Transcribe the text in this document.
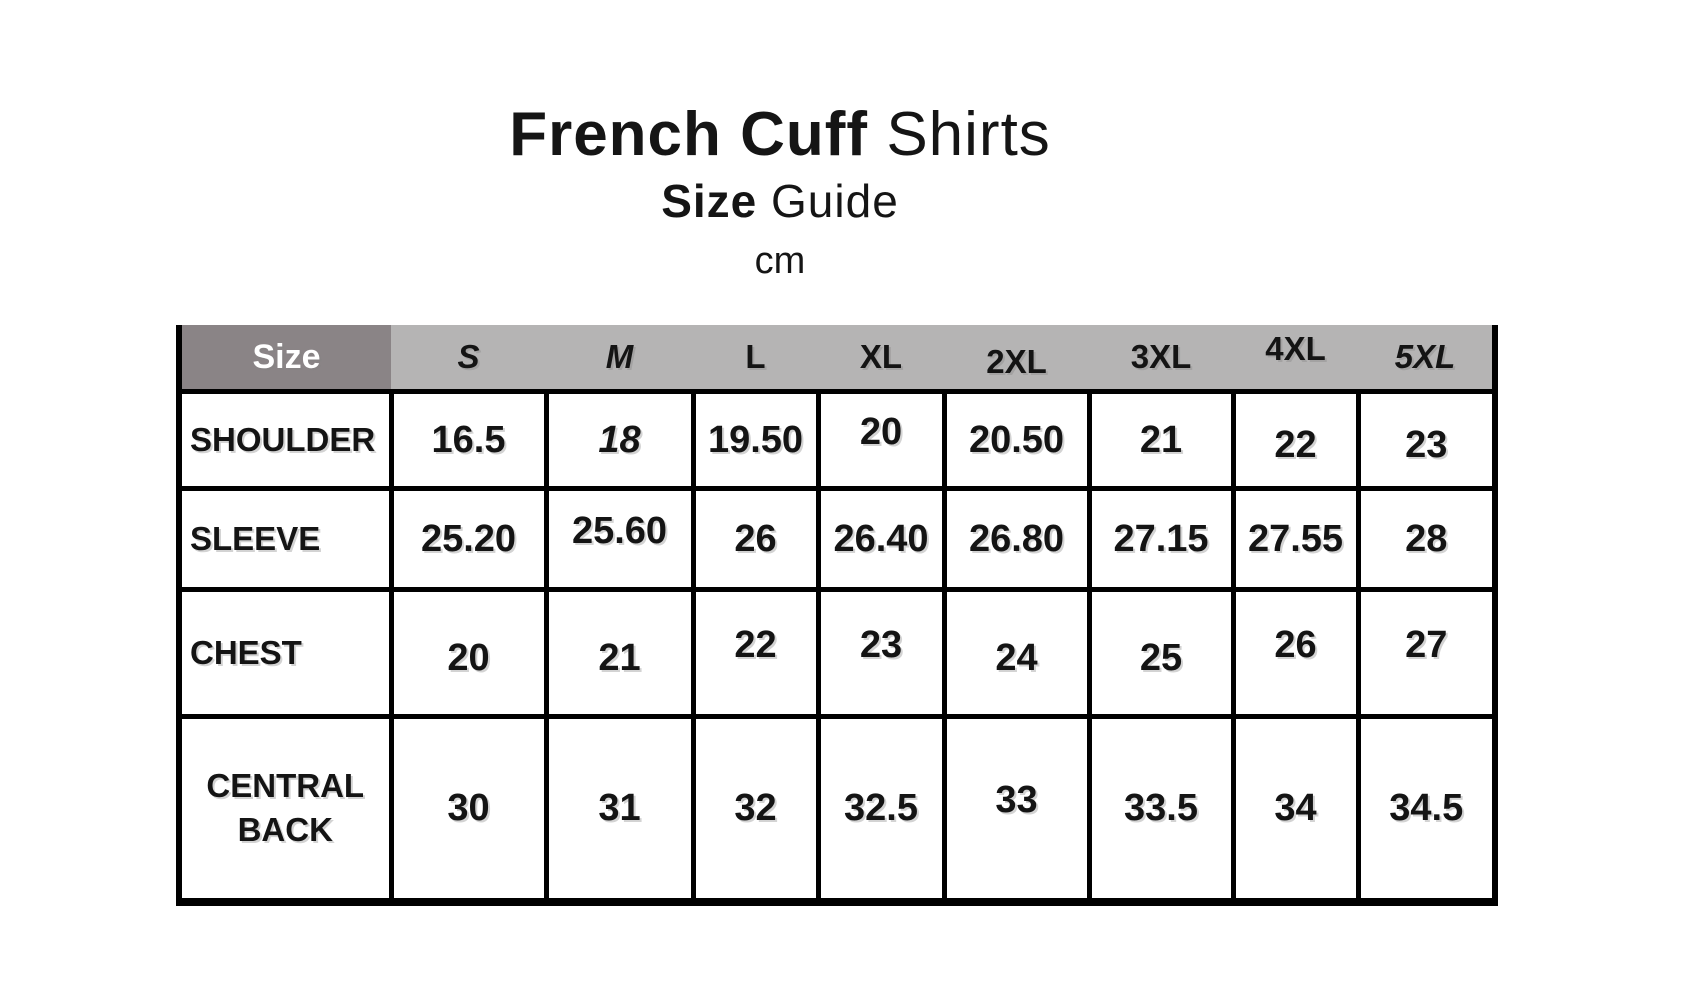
French Cuff Shirts
Size Guide
cm
Size	S	M	L	XL	2XL	3XL	4XL	5XL
SHOULDER	16.5	18	19.50	20	20.50	21	22	23
SLEEVE	25.20	25.60	26	26.40	26.80	27.15	27.55	28
CHEST	20	21	22	23	24	25	26	27
CENTRAL BACK	30	31	32	32.5	33	33.5	34	34.5
